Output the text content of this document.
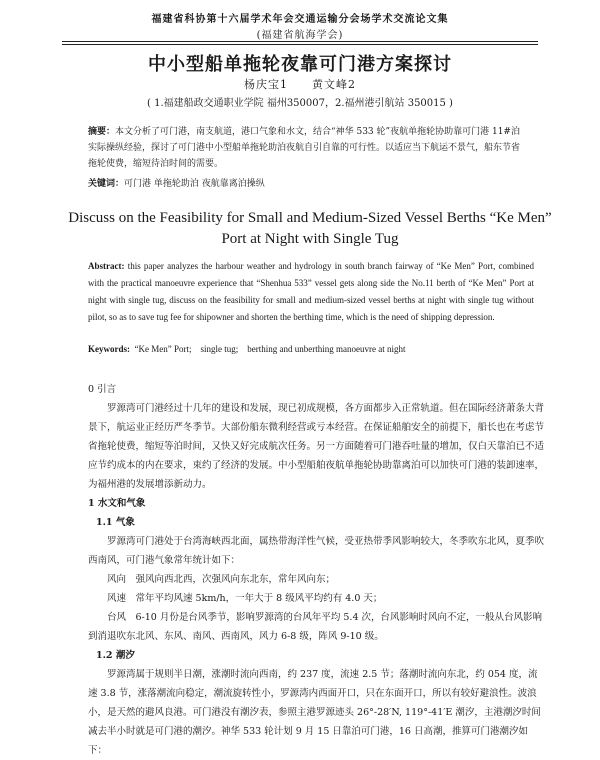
福建省科协第十六届学术年会交通运输分会场学术交流论文集
(福建省航海学会)
中小型船单拖轮夜靠可门港方案探讨
杨庆宝1　　黄文峰2
( 1.福建船政交通职业学院 福州350007，2.福州港引航站 350015 )
摘要：本文分析了可门港，南支航道，港口气象和水文，结合“神华 533 轮”夜航单拖轮协助靠可门港 11#泊实际操纵经验，探讨了可门港中小型船单拖轮助泊夜航自引自靠的可行性。以适应当下航运不景气，船东节省拖轮使费，缩短待泊时间的需要。
关键词：可门港 单拖轮助泊 夜航靠离泊操纵
Discuss on the Feasibility for Small and Medium-Sized Vessel Berths “Ke Men”
Port at Night with Single Tug
Abstract: this paper analyzes the harbour weather and hydrology in south branch fairway of “Ke Men” Port, combined with the practical manoeuvre experience that “Shenhua 533” vessel gets along side the No.11 berth of “Ke Men” Port at night with single tug, discuss on the feasibility for small and medium-sized vessel berths at night with single tug without pilot, so as to save tug fee for shipowner and shorten the berthing time, which is the need of shipping depression.
Keywords: “Ke Men” Port;　single tug;　berthing and unberthing manoeuvre at night

0 引言

罗源湾可门港经过十几年的建设和发展，现已初成规模，各方面都步入正常轨道。但在国际经济萧条大背景下，航运业正经历严冬季节。大部份船东微利经营或亏本经营。在保证船舶安全的前提下，船长也在考虑节省拖轮使费，缩短等泊时间，又快又好完成航次任务。另一方面随着可门港吞吐量的增加，仅白天靠泊已不适应节约成本的内在要求，束约了经济的发展。中小型船舶夜航单拖轮协助靠离泊可以加快可门港的装卸速率，为福州港的发展增添新动力。

1 水文和气象

1.1 气象

罗源湾可门港处于台湾海峡西北面，属热带海洋性气候，受亚热带季风影响较大，冬季吹东北风，夏季吹西南风，可门港气象常年统计如下：

风向　强风向西北西，次强风向东北东，常年风向东；

风速　常年平均风速 5km/h，一年大于 8 级风平均约有 4.0 天；

台风　6-10 月份是台风季节，影响罗源湾的台风年平均 5.4 次，台风影响时风向不定，一般从台风影响到消退吹东北风、东风、南风、西南风，风力 6-8 级，阵风 9-10 级。

1.2 潮汐

罗源湾属于规则半日潮，涨潮时流向西南，约 237 度，流速 2.5 节；落潮时流向东北，约 054 度，流速 3.8 节，涨落潮流向稳定，潮流旋转性小，罗源湾内西面开口，只在东面开口，所以有较好避浪性。波浪小，是天然的避风良港。可门港没有潮汐表，参照主港罗源迹头 26°-28′N, 119°-41′E 潮汐，主港潮汐时间减去半小时就是可门港的潮汐。神华 533 轮计划 9 月 15 日靠泊可门港，16 日高潮，推算可门港潮汐如下：
